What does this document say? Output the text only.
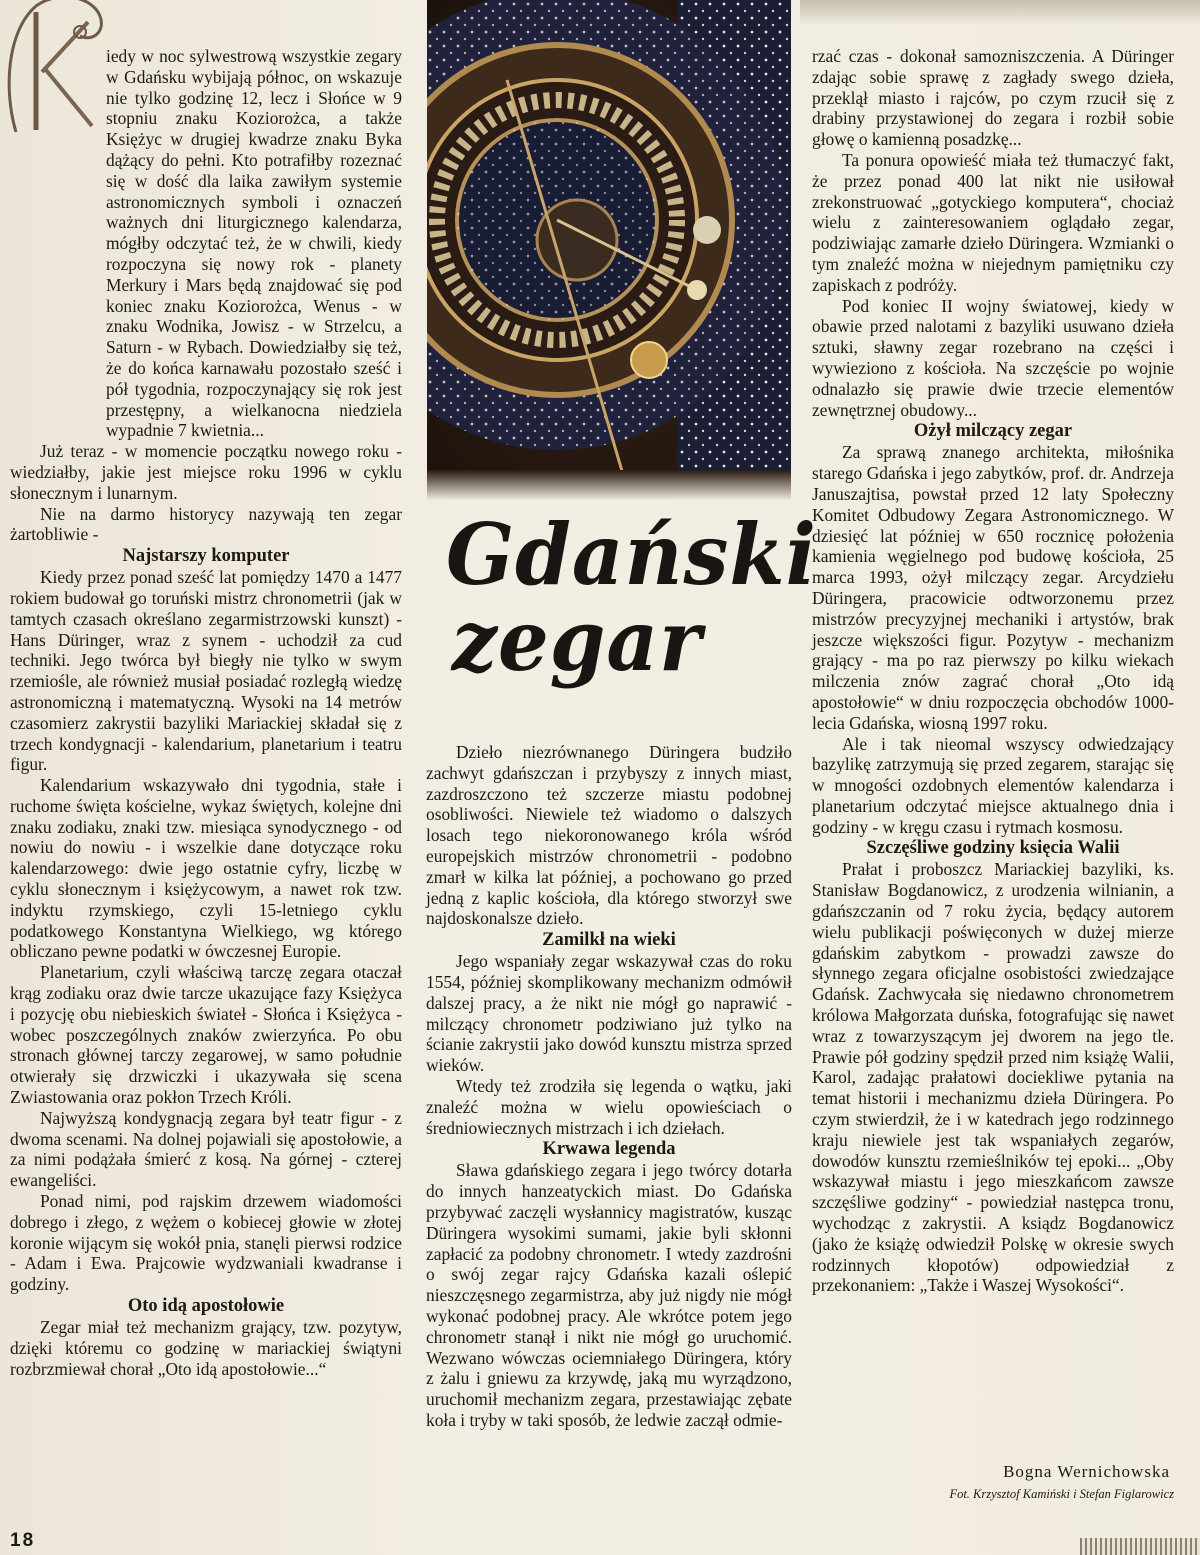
Gdański
zegar

iedy w noc sylwestrową wszystkie zegary w Gdańsku wybijają północ, on wskazuje nie tylko godzinę 12, lecz i Słońce w 9 stopniu znaku Koziorożca, a także Księżyc w drugiej kwadrze znaku Byka dążący do pełni. Kto potrafiłby rozeznać się w dość dla laika zawiłym systemie astronomicznych symboli i oznaczeń ważnych dni liturgicznego kalendarza, mógłby odczytać też, że w chwili, kiedy rozpoczyna się nowy rok - planety Merkury i Mars będą znajdować się pod koniec znaku Koziorożca, Wenus - w znaku Wodnika, Jowisz - w Strzelcu, a Saturn - w Rybach. Dowiedziałby się też, że do końca karnawału pozostało sześć i pół tygodnia, rozpoczynający się rok jest przestępny, a wielkanocna niedziela wypadnie 7 kwietnia...

Już teraz - w momencie początku nowego roku - wiedziałby, jakie jest miejsce roku 1996 w cyklu słonecznym i lunarnym.

Nie na darmo historycy nazywają ten zegar żartobliwie -

Najstarszy komputer

Kiedy przez ponad sześć lat pomiędzy 1470 a 1477 rokiem budował go toruński mistrz chronometrii (jak w tamtych czasach określano zegarmistrzowski kunszt) - Hans Düringer, wraz z synem - uchodził za cud techniki. Jego twórca był biegły nie tylko w swym rzemiośle, ale również musiał posiadać rozległą wiedzę astronomiczną i matematyczną. Wysoki na 14 metrów czasomierz zakrystii bazyliki Mariackiej składał się z trzech kondygnacji - kalendarium, planetarium i teatru figur.

Kalendarium wskazywało dni tygodnia, stałe i ruchome święta kościelne, wykaz świętych, kolejne dni znaku zodiaku, znaki tzw. miesiąca synodycznego - od nowiu do nowiu - i wszelkie dane dotyczące roku kalendarzowego: dwie jego ostatnie cyfry, liczbę w cyklu słonecznym i księżycowym, a nawet rok tzw. indyktu rzymskiego, czyli 15-letniego cyklu podatkowego Konstantyna Wielkiego, wg którego obliczano pewne podatki w ówczesnej Europie.

Planetarium, czyli właściwą tarczę zegara otaczał krąg zodiaku oraz dwie tarcze ukazujące fazy Księżyca i pozycję obu niebieskich świateł - Słońca i Księżyca - wobec poszczególnych znaków zwierzyńca. Po obu stronach głównej tarczy zegarowej, w samo południe otwierały się drzwiczki i ukazywała się scena Zwiastowania oraz pokłon Trzech Króli.

Najwyższą kondygnacją zegara był teatr figur - z dwoma scenami. Na dolnej pojawiali się apostołowie, a za nimi podążała śmierć z kosą. Na górnej - czterej ewangeliści.

Ponad nimi, pod rajskim drzewem wiadomości dobrego i złego, z wężem o kobiecej głowie w złotej koronie wijącym się wokół pnia, stanęli pierwsi rodzice - Adam i Ewa. Prajcowie wydzwaniali kwadranse i godziny.

Oto idą apostołowie

Zegar miał też mechanizm grający, tzw. pozytyw, dzięki któremu co godzinę w mariackiej świątyni rozbrzmiewał chorał „Oto idą apostołowie...“

Dzieło niezrównanego Düringera budziło zachwyt gdańszczan i przybyszy z innych miast, zazdroszczono też szczerze miastu podobnej osobliwości. Niewiele też wiadomo o dalszych losach tego niekoronowanego króla wśród europejskich mistrzów chronometrii - podobno zmarł w kilka lat później, a pochowano go przed jedną z kaplic kościoła, dla którego stworzył swe najdoskonalsze dzieło.

Zamilkł na wieki

Jego wspaniały zegar wskazywał czas do roku 1554, później skomplikowany mechanizm odmówił dalszej pracy, a że nikt nie mógł go naprawić - milczący chronometr podziwiano już tylko na ścianie zakrystii jako dowód kunsztu mistrza sprzed wieków.

Wtedy też zrodziła się legenda o wątku, jaki znaleźć można w wielu opowieściach o średniowiecznych mistrzach i ich dziełach.

Krwawa legenda

Sława gdańskiego zegara i jego twórcy dotarła do innych hanzeatyckich miast. Do Gdańska przybywać zaczęli wysłannicy magistratów, kusząc Düringera wysokimi sumami, jakie byli skłonni zapłacić za podobny chronometr. I wtedy zazdrośni o swój zegar rajcy Gdańska kazali oślepić nieszczęsnego zegarmistrza, aby już nigdy nie mógł wykonać podobnej pracy. Ale wkrótce potem jego chronometr stanął i nikt nie mógł go uruchomić. Wezwano wówczas ociemniałego Düringera, który z żalu i gniewu za krzywdę, jaką mu wyrządzono, uruchomił mechanizm zegara, przestawiając zębate koła i tryby w taki sposób, że ledwie zaczął odmie-

rzać czas - dokonał samozniszczenia. A Düringer zdając sobie sprawę z zagłady swego dzieła, przeklął miasto i rajców, po czym rzucił się z drabiny przystawionej do zegara i rozbił sobie głowę o kamienną posadzkę...

Ta ponura opowieść miała też tłumaczyć fakt, że przez ponad 400 lat nikt nie usiłował zrekonstruować „gotyckiego komputera“, chociaż wielu z zainteresowaniem oglądało zegar, podziwiając zamarłe dzieło Düringera. Wzmianki o tym znaleźć można w niejednym pamiętniku czy zapiskach z podróży.

Pod koniec II wojny światowej, kiedy w obawie przed nalotami z bazyliki usuwano dzieła sztuki, sławny zegar rozebrano na części i wywieziono z kościoła. Na szczęście po wojnie odnalazło się prawie dwie trzecie elementów zewnętrznej obudowy...

Ożył milczący zegar

Za sprawą znanego architekta, miłośnika starego Gdańska i jego zabytków, prof. dr. Andrzeja Januszajtisa, powstał przed 12 laty Społeczny Komitet Odbudowy Zegara Astronomicznego. W dziesięć lat później w 650 rocznicę położenia kamienia węgielnego pod budowę kościoła, 25 marca 1993, ożył milczący zegar. Arcydziełu Düringera, pracowicie odtworzonemu przez mistrzów precyzyjnej mechaniki i artystów, brak jeszcze większości figur. Pozytyw - mechanizm grający - ma po raz pierwszy po kilku wiekach milczenia znów zagrać chorał „Oto idą apostołowie“ w dniu rozpoczęcia obchodów 1000-lecia Gdańska, wiosną 1997 roku.

Ale i tak nieomal wszyscy odwiedzający bazylikę zatrzymują się przed zegarem, starając się w mnogości ozdobnych elementów kalendarza i planetarium odczytać miejsce aktualnego dnia i godziny - w kręgu czasu i rytmach kosmosu.

Szczęśliwe godziny księcia Walii

Prałat i proboszcz Mariackiej bazyliki, ks. Stanisław Bogdanowicz, z urodzenia wilnianin, a gdańszczanin od 7 roku życia, będący autorem wielu publikacji poświęconych w dużej mierze gdańskim zabytkom - prowadzi zawsze do słynnego zegara oficjalne osobistości zwiedzające Gdańsk. Zachwycała się niedawno chronometrem królowa Małgorzata duńska, fotografując się nawet wraz z towarzyszącym jej dworem na jego tle. Prawie pół godziny spędził przed nim książę Walii, Karol, zadając prałatowi dociekliwe pytania na temat historii i mechanizmu dzieła Düringera. Po czym stwierdził, że i w katedrach jego rodzinnego kraju niewiele jest tak wspaniałych zegarów, dowodów kunsztu rzemieślników tej epoki... „Oby wskazywał miastu i jego mieszkańcom zawsze szczęśliwe godziny“ - powiedział następca tronu, wychodząc z zakrystii. A ksiądz Bogdanowicz (jako że książę odwiedził Polskę w okresie swych rodzinnych kłopotów) odpowiedział z przekonaniem: „Także i Waszej Wysokości“.

Bogna Wernichowska
Fot. Krzysztof Kamiński i Stefan Figlarowicz
18
